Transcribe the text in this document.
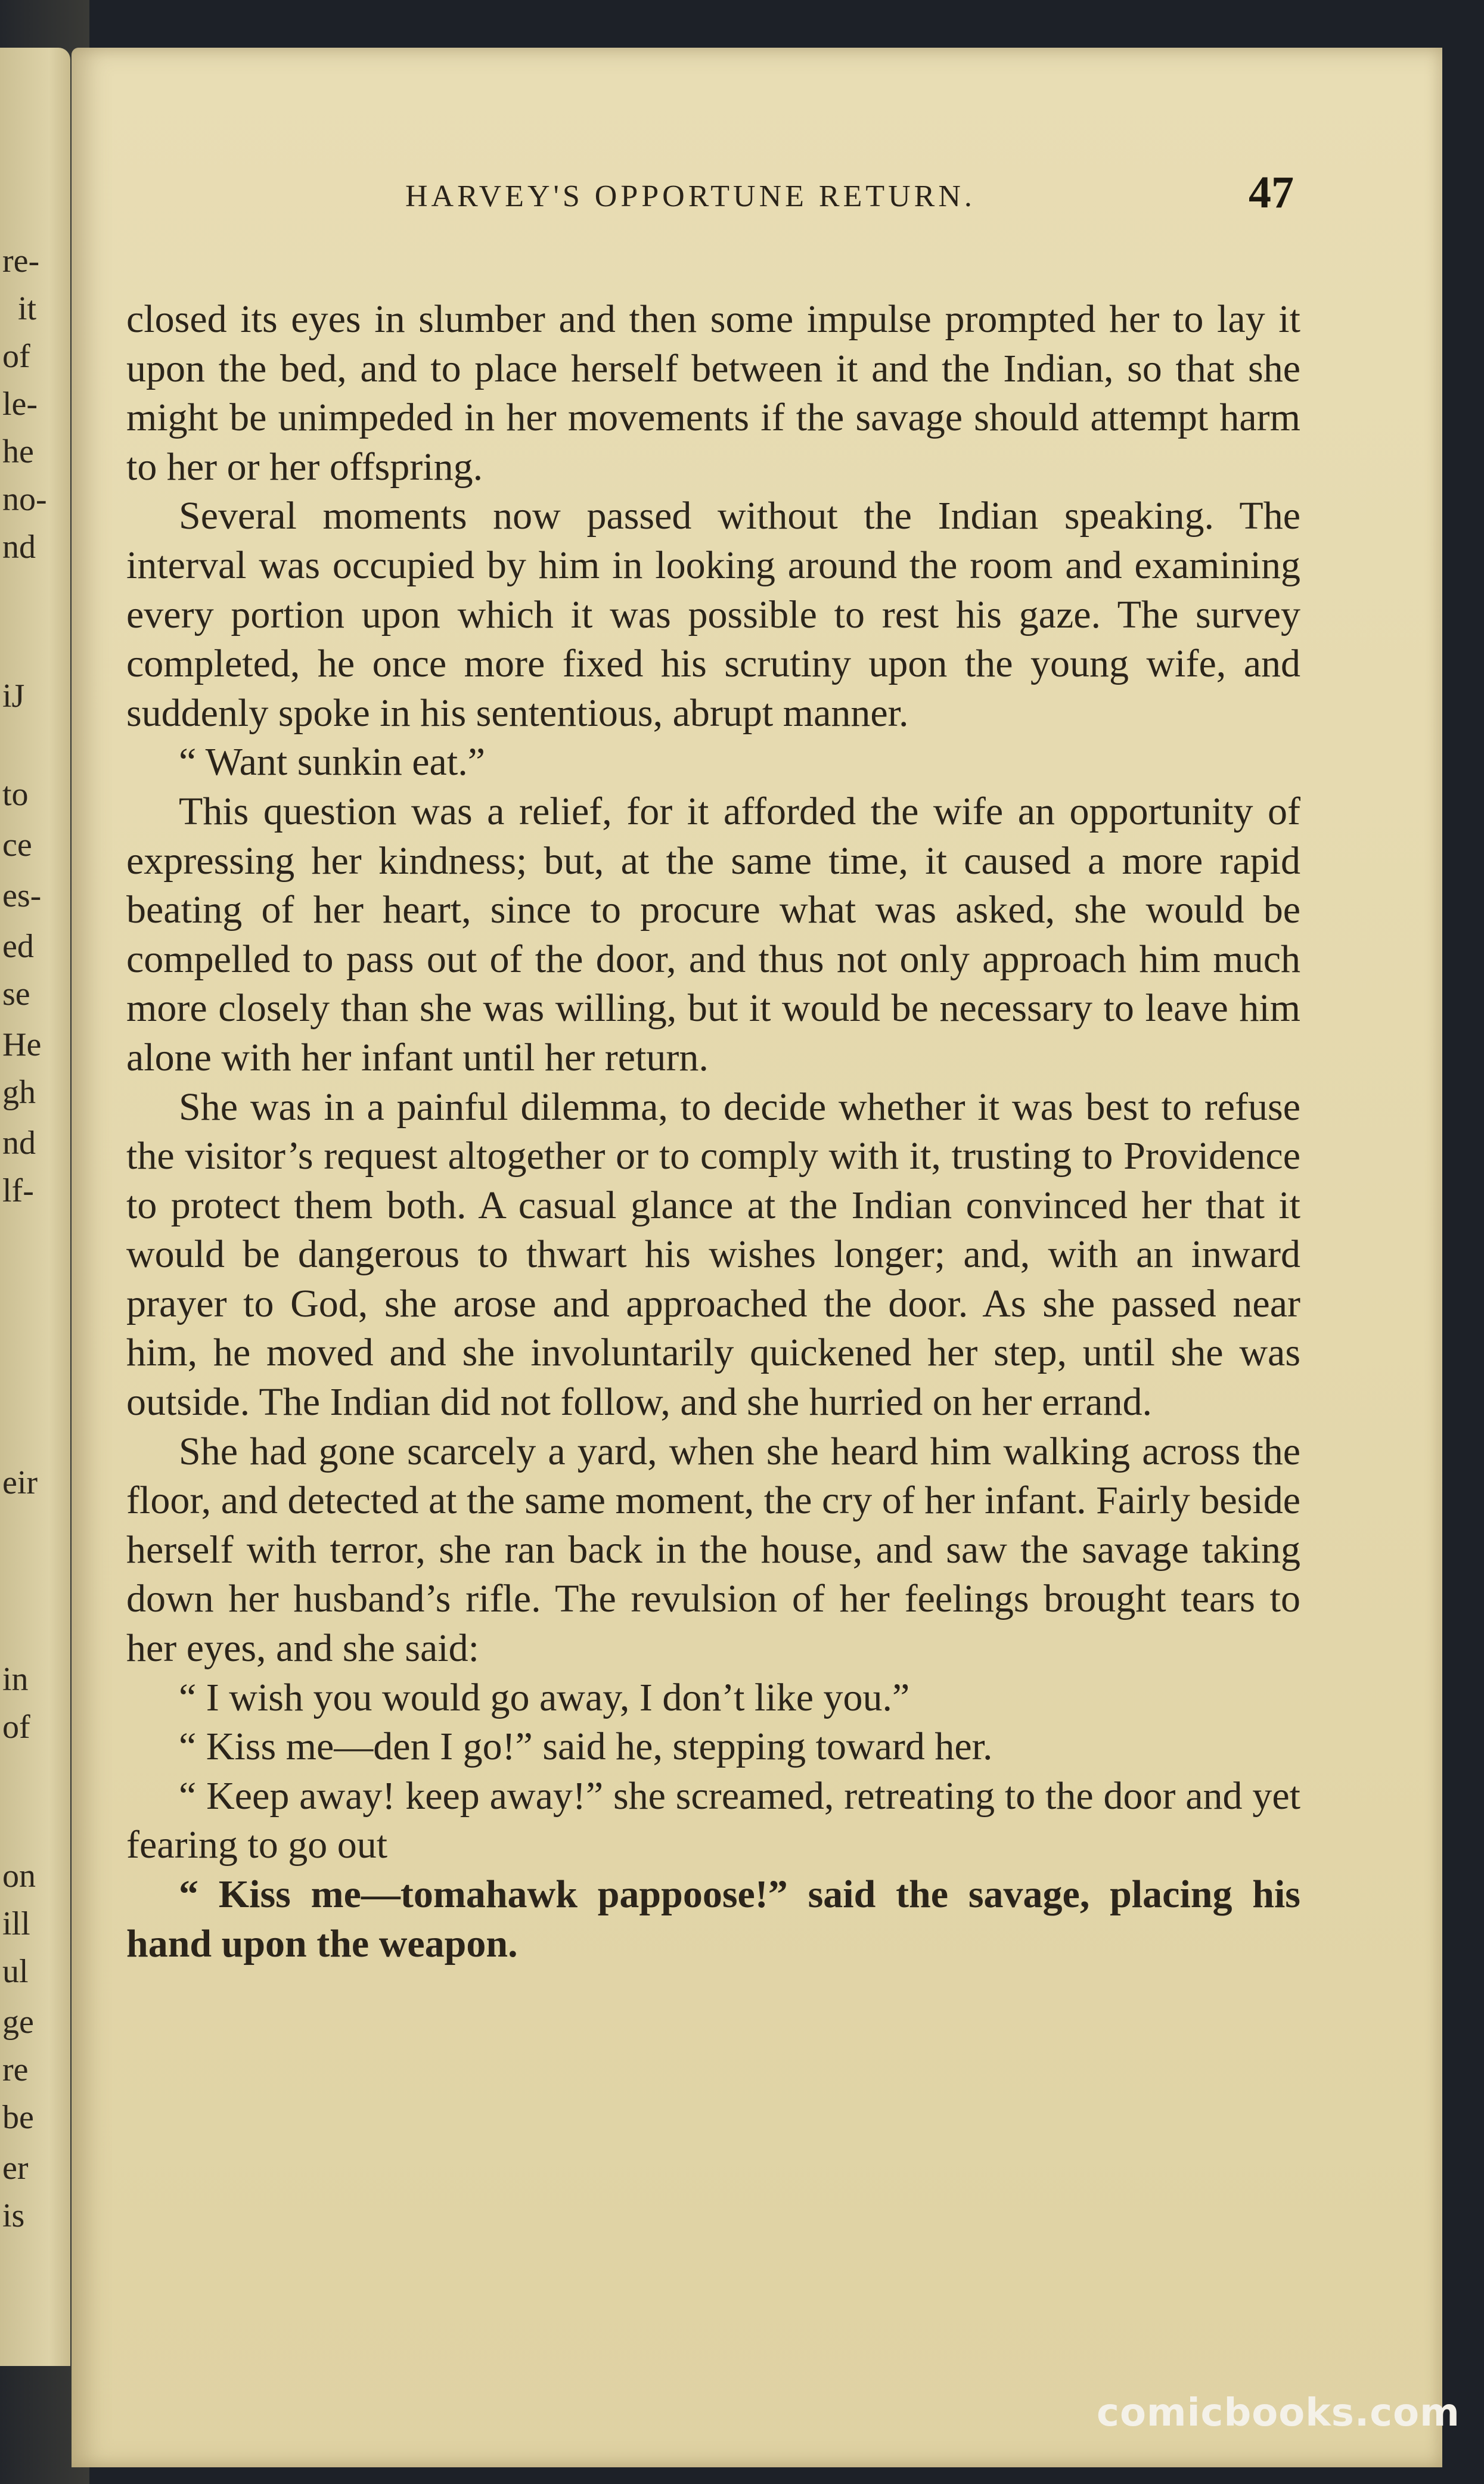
re-
it
of
le-
he
no-
nd
iJ
to
ce
es-
ed
se
He
gh
nd
lf-
eir
in
of
on
ill
ul
ge
re
be
er
is
HARVEY'S OPPORTUNE RETURN.	47

closed its eyes in slumber and then some impulse prompted her to lay it upon the bed, and to place herself between it and the Indian, so that she might be unimpeded in her movements if the savage should attempt harm to her or her offspring.

Several moments now passed without the Indian speaking. The interval was occupied by him in looking around the room and examining every portion upon which it was possible to rest his gaze. The survey completed, he once more fixed his scrutiny upon the young wife, and suddenly spoke in his sententious, abrupt manner.

“ Want sunkin eat.”

This question was a relief, for it afforded the wife an opportunity of expressing her kindness; but, at the same time, it caused a more rapid beating of her heart, since to procure what was asked, she would be compelled to pass out of the door, and thus not only approach him much more closely than she was willing, but it would be necessary to leave him alone with her infant until her return.

She was in a painful dilemma, to decide whether it was best to refuse the visitor’s request altogether or to comply with it, trusting to Providence to protect them both. A casual glance at the Indian convinced her that it would be dangerous to thwart his wishes longer; and, with an inward prayer to God, she arose and approached the door. As she passed near him, he moved and she involuntarily quickened her step, until she was outside. The Indian did not follow, and she hurried on her errand.

She had gone scarcely a yard, when she heard him walking across the floor, and detected at the same moment, the cry of her infant. Fairly beside herself with terror, she ran back in the house, and saw the savage taking down her husband’s rifle. The revulsion of her feelings brought tears to her eyes, and she said:

“ I wish you would go away, I don’t like you.”

“ Kiss me—den I go!” said he, stepping toward her.

“ Keep away! keep away!” she screamed, retreating to the door and yet fearing to go out

“ Kiss me—tomahawk pappoose!” said the savage, placing his hand upon the weapon.

comicbooks.com
